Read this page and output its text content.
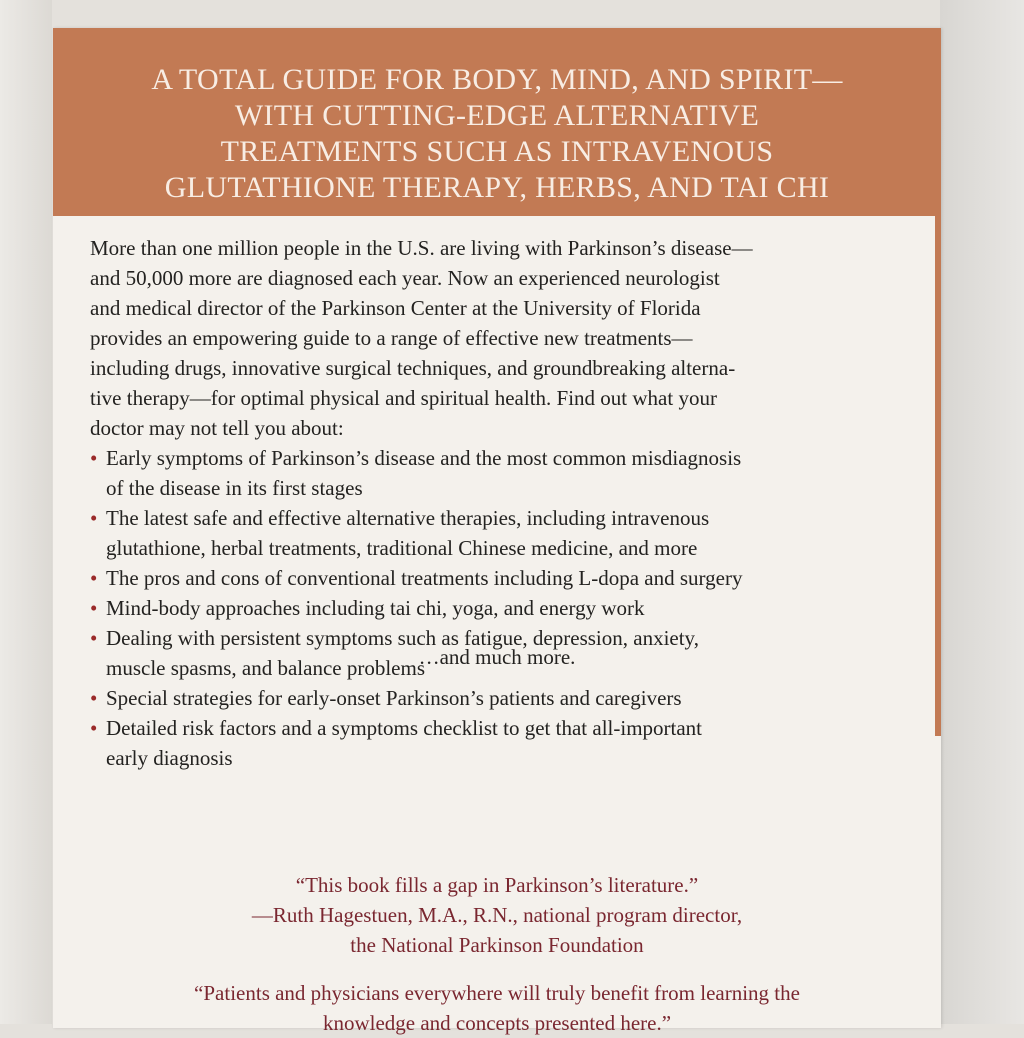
A TOTAL GUIDE FOR BODY, MIND, AND SPIRIT—
WITH CUTTING-EDGE ALTERNATIVE
TREATMENTS SUCH AS INTRAVENOUS
GLUTATHIONE THERAPY, HERBS, AND TAI CHI
More than one million people in the U.S. are living with Parkinson’s disease—
and 50,000 more are diagnosed each year. Now an experienced neurologist
and medical director of the Parkinson Center at the University of Florida
provides an empowering guide to a range of effective new treatments—
including drugs, innovative surgical techniques, and groundbreaking alterna-
tive therapy—for optimal physical and spiritual health. Find out what your
doctor may not tell you about:
• Early symptoms of Parkinson’s disease and the most common misdiagnosis
of the disease in its first stages
• The latest safe and effective alternative therapies, including intravenous
glutathione, herbal treatments, traditional Chinese medicine, and more
• The pros and cons of conventional treatments including L-dopa and surgery
• Mind-body approaches including tai chi, yoga, and energy work
• Dealing with persistent symptoms such as fatigue, depression, anxiety,
muscle spasms, and balance problems
• Special strategies for early-onset Parkinson’s patients and caregivers
• Detailed risk factors and a symptoms checklist to get that all-important
early diagnosis
…and much more.
“This book fills a gap in Parkinson’s literature.”
—Ruth Hagestuen, M.A., R.N., national program director,
the National Parkinson Foundation
“Patients and physicians everywhere will truly benefit from learning the
knowledge and concepts presented here.”
